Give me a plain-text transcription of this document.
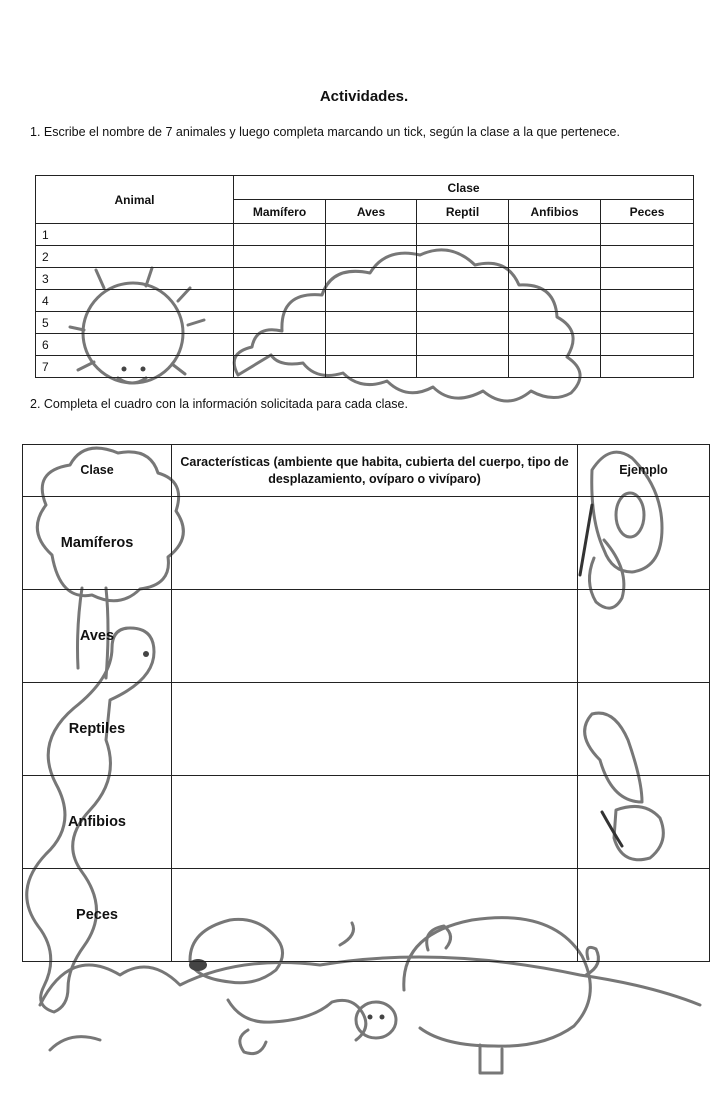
Actividades.
1. Escribe el nombre de 7 animales y luego completa marcando un tick, según la clase a la que pertenece.
Animal	Clase				
	Mamífero	Aves	Reptil	Anfibios	Peces
1					
2					
3					
4					
5					
6					
7					
2. Completa el cuadro con la información solicitada para cada clase.
Clase	Características (ambiente que habita, cubierta del cuerpo, tipo de desplazamiento, ovíparo o vivíparo)	Ejemplo
Mamíferos		
Aves		
Reptiles		
Anfibios		
Peces		
